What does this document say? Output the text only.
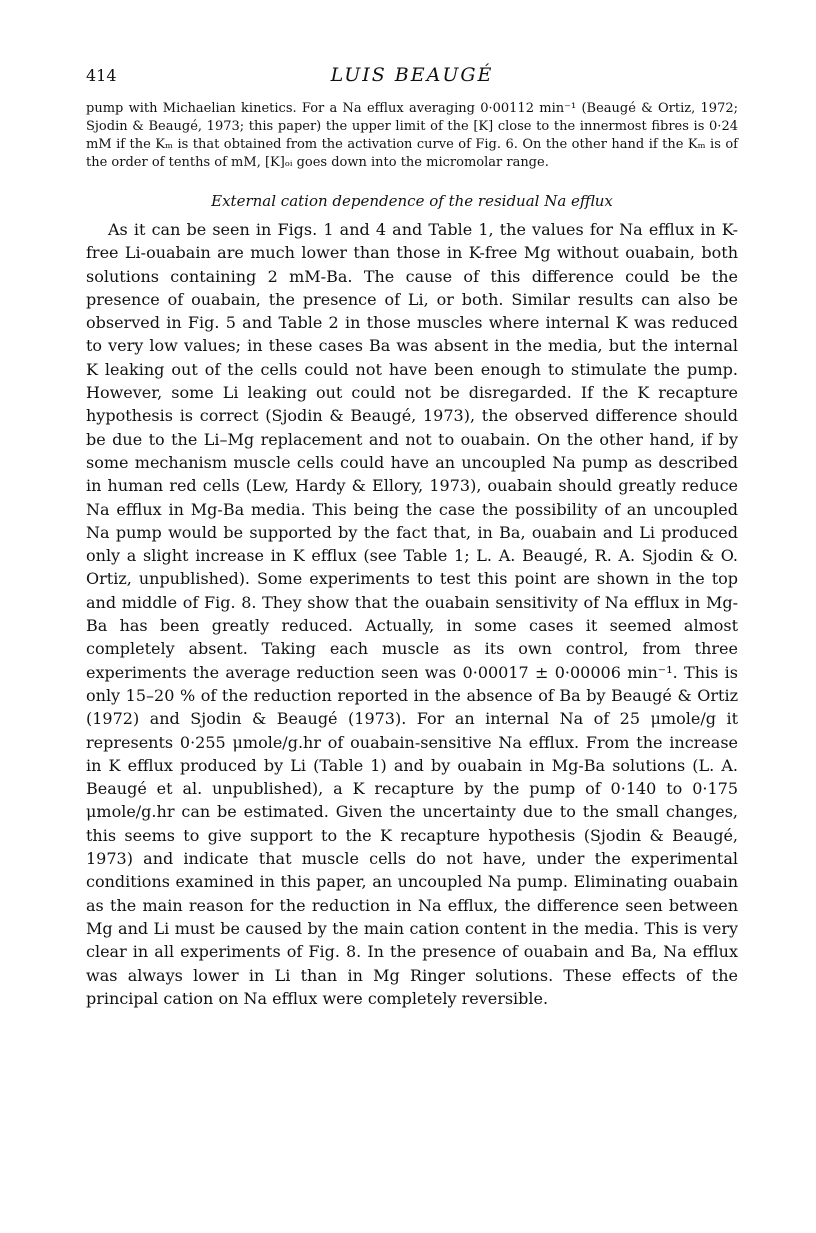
414	LUIS BEAUGÉ

pump with Michaelian kinetics. For a Na efflux averaging 0·00112 min⁻¹ (Beaugé & Ortiz, 1972; Sjodin & Beaugé, 1973; this paper) the upper limit of the [K] close to the innermost fibres is 0·24 mM if the Kₘ is that obtained from the activation curve of Fig. 6. On the other hand if the Kₘ is of the order of tenths of mM, [K]ₒᵢ goes down into the micromolar range.

External cation dependence of the residual Na efflux

As it can be seen in Figs. 1 and 4 and Table 1, the values for Na efflux in K-free Li-ouabain are much lower than those in K-free Mg without ouabain, both solutions containing 2 mM-Ba. The cause of this difference could be the presence of ouabain, the presence of Li, or both. Similar results can also be observed in Fig. 5 and Table 2 in those muscles where internal K was reduced to very low values; in these cases Ba was absent in the media, but the internal K leaking out of the cells could not have been enough to stimulate the pump. However, some Li leaking out could not be disregarded. If the K recapture hypothesis is correct (Sjodin & Beaugé, 1973), the observed difference should be due to the Li–Mg replacement and not to ouabain. On the other hand, if by some mechanism muscle cells could have an uncoupled Na pump as described in human red cells (Lew, Hardy & Ellory, 1973), ouabain should greatly reduce Na efflux in Mg-Ba media. This being the case the possibility of an uncoupled Na pump would be supported by the fact that, in Ba, ouabain and Li produced only a slight increase in K efflux (see Table 1; L. A. Beaugé, R. A. Sjodin & O. Ortiz, unpublished). Some experiments to test this point are shown in the top and middle of Fig. 8. They show that the ouabain sensitivity of Na efflux in Mg-Ba has been greatly reduced. Actually, in some cases it seemed almost completely absent. Taking each muscle as its own control, from three experiments the average reduction seen was 0·00017 ± 0·00006 min⁻¹. This is only 15–20 % of the reduction reported in the absence of Ba by Beaugé & Ortiz (1972) and Sjodin & Beaugé (1973). For an internal Na of 25 μmole/g it represents 0·255 μmole/g.hr of ouabain-sensitive Na efflux. From the increase in K efflux produced by Li (Table 1) and by ouabain in Mg-Ba solutions (L. A. Beaugé et al. unpublished), a K recapture by the pump of 0·140 to 0·175 μmole/g.hr can be estimated. Given the uncertainty due to the small changes, this seems to give support to the K recapture hypothesis (Sjodin & Beaugé, 1973) and indicate that muscle cells do not have, under the experimental conditions examined in this paper, an uncoupled Na pump. Eliminating ouabain as the main reason for the reduction in Na efflux, the difference seen between Mg and Li must be caused by the main cation content in the media. This is very clear in all experiments of Fig. 8. In the presence of ouabain and Ba, Na efflux was always lower in Li than in Mg Ringer solutions. These effects of the principal cation on Na efflux were completely reversible.
